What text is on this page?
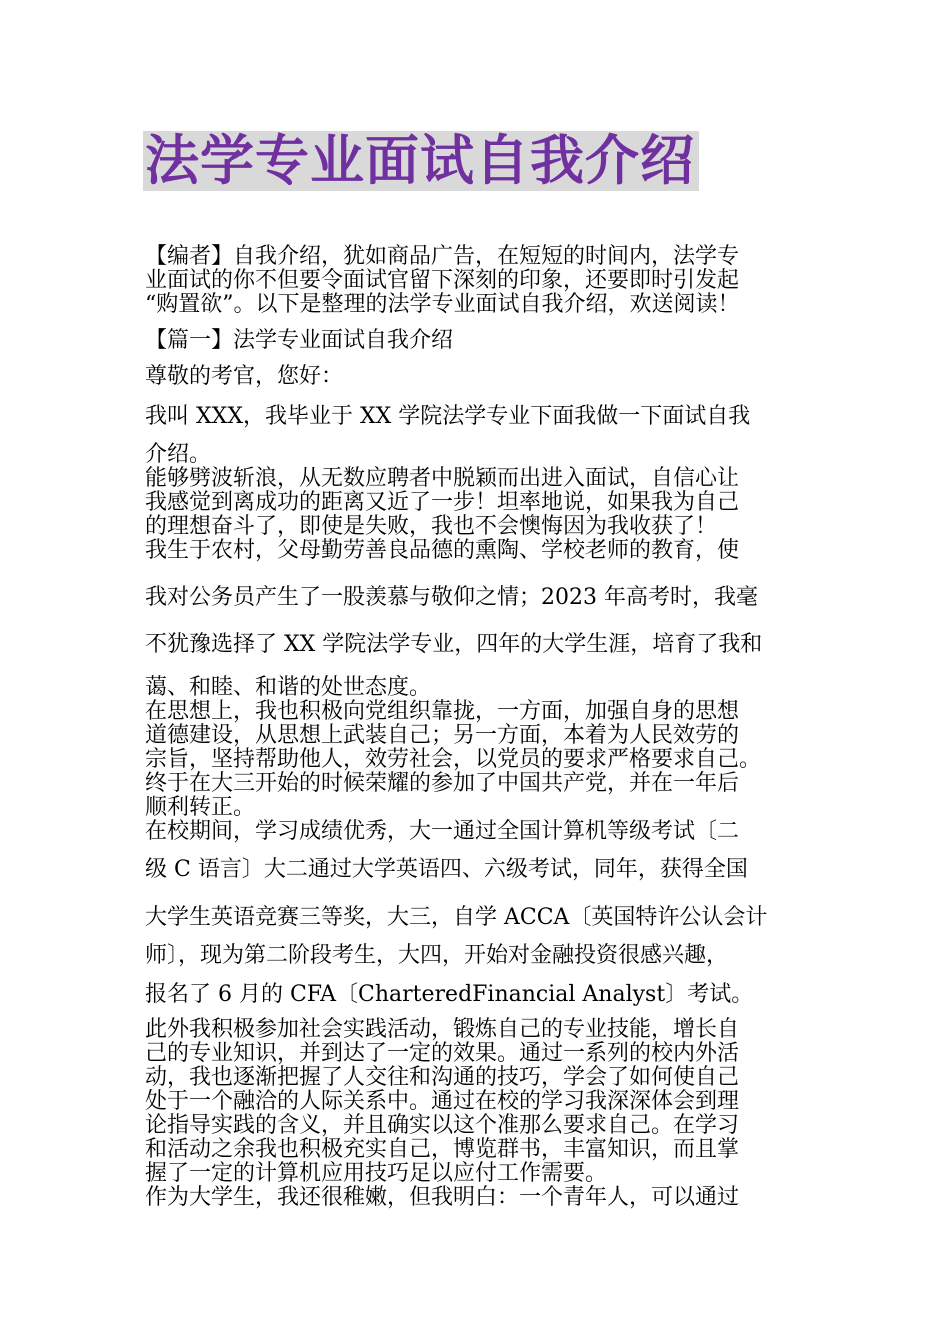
法学专业面试自我介绍

【编者】自我介绍，犹如商品广告，在短短的时间内，法学专

业面试的你不但要令面试官留下深刻的印象，还要即时引发起

“购置欲”。以下是整理的法学专业面试自我介绍，欢送阅读！

【篇一】法学专业面试自我介绍

尊敬的考官，您好：

我叫 XXX，我毕业于 XX 学院法学专业下面我做一下面试自我

介绍。

能够劈波斩浪，从无数应聘者中脱颖而出进入面试，自信心让

我感觉到离成功的距离又近了一步！坦率地说，如果我为自己

的理想奋斗了，即使是失败，我也不会懊悔因为我收获了！

我生于农村，父母勤劳善良品德的熏陶、学校老师的教育，使

我对公务员产生了一股羡慕与敬仰之情；2023 年高考时，我毫

不犹豫选择了 XX 学院法学专业，四年的大学生涯，培育了我和

蔼、和睦、和谐的处世态度。

在思想上，我也积极向党组织靠拢，一方面，加强自身的思想

道德建设，从思想上武装自己；另一方面，本着为人民效劳的

宗旨，坚持帮助他人，效劳社会，以党员的要求严格要求自己。

终于在大三开始的时候荣耀的参加了中国共产党，并在一年后

顺利转正。

在校期间，学习成绩优秀，大一通过全国计算机等级考试〔二

级 C 语言〕大二通过大学英语四、六级考试，同年，获得全国

大学生英语竞赛三等奖，大三，自学 ACCA〔英国特许公认会计

师〕，现为第二阶段考生，大四，开始对金融投资很感兴趣，

报名了 6 月的 CFA〔CharteredFinancial Analyst〕考试。

此外我积极参加社会实践活动，锻炼自己的专业技能，增长自

己的专业知识，并到达了一定的效果。通过一系列的校内外活

动，我也逐渐把握了人交往和沟通的技巧，学会了如何使自己

处于一个融洽的人际关系中。通过在校的学习我深深体会到理

论指导实践的含义，并且确实以这个准那么要求自己。在学习

和活动之余我也积极充实自己，博览群书，丰富知识，而且掌

握了一定的计算机应用技巧足以应付工作需要。

作为大学生，我还很稚嫩，但我明白：一个青年人，可以通过
